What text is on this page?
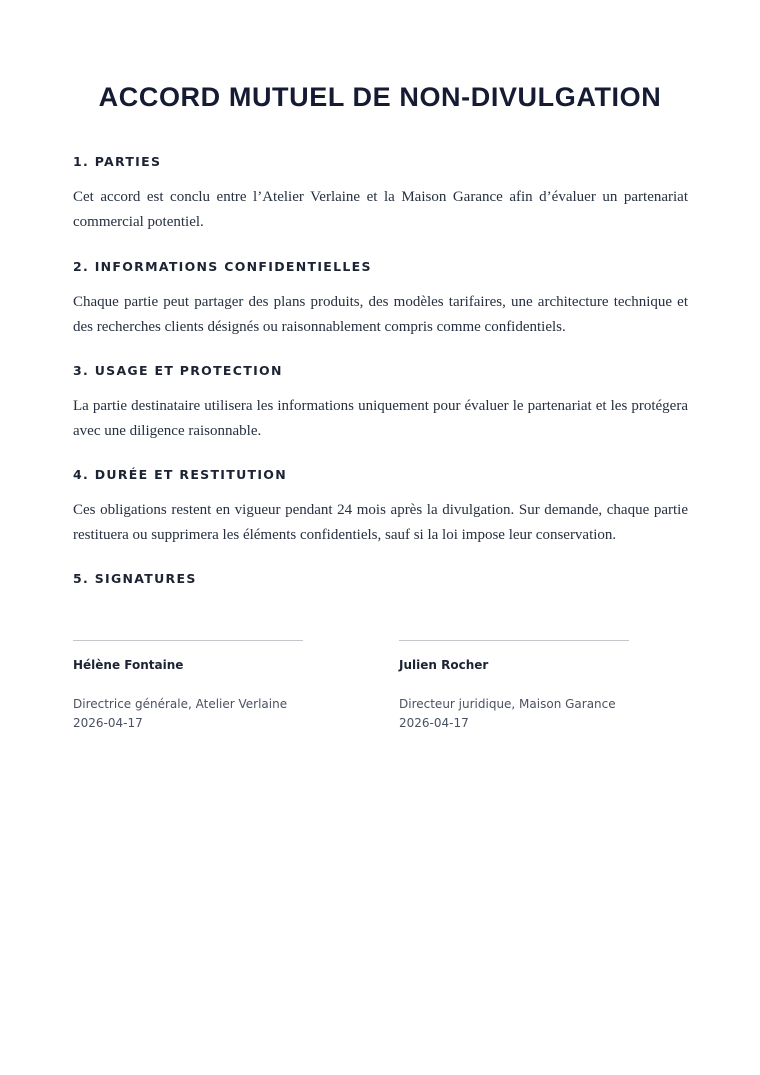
ACCORD MUTUEL DE NON-DIVULGATION
1. PARTIES

Cet accord est conclu entre l’Atelier Verlaine et la Maison Garance afin d’évaluer un partenariat commercial potentiel.

2. INFORMATIONS CONFIDENTIELLES

Chaque partie peut partager des plans produits, des modèles tarifaires, une architecture technique et des recherches clients désignés ou raisonnablement compris comme confidentiels.

3. USAGE ET PROTECTION

La partie destinataire utilisera les informations uniquement pour évaluer le partenariat et les protégera avec une diligence raisonnable.

4. DURÉE ET RESTITUTION

Ces obligations restent en vigueur pendant 24 mois après la divulgation. Sur demande, chaque partie restituera ou supprimera les éléments confidentiels, sauf si la loi impose leur conservation.

5. SIGNATURES

Hélène Fontaine

Directrice générale, Atelier Verlaine

2026-04-17

Julien Rocher

Directeur juridique, Maison Garance

2026-04-17
